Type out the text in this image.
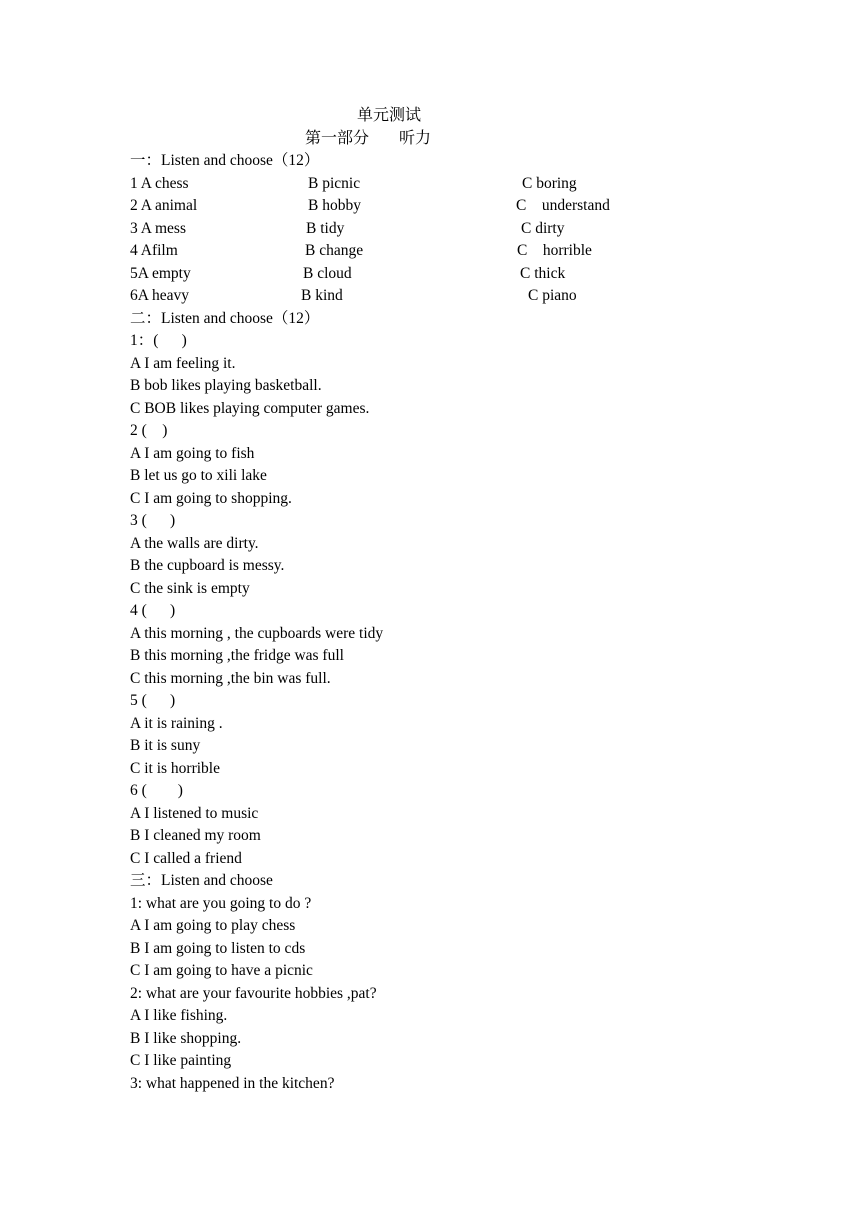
单元测试
第一部分 听力
一：Listen and choose（12）
1 A chess	B picnic	C boring
2 A animal	B hobby	C    understand
3 A mess	B tidy	C dirty
4 Afilm	B change	C    horrible
5A empty	B cloud	C thick
6A heavy	B kind	C piano
二：Listen and choose（12）
1：(      )
A I am feeling it.
B bob likes playing basketball.
C BOB likes playing computer games.
2 (    )
A I am going to fish
B let us go to xili lake
C I am going to shopping.
3 (      )
A the walls are dirty.
B the cupboard is messy.
C the sink is empty
4 (      )
A this morning , the cupboards were tidy
B this morning ,the fridge was full
C this morning ,the bin was full.
5 (      )
A it is raining .
B it is suny
C it is horrible
6 (        )
A I listened to music
B I cleaned my room
C I called a friend
三：Listen and choose
1: what are you going to do ?
A I am going to play chess
B I am going to listen to cds
C I am going to have a picnic
2: what are your favourite hobbies ,pat?
A I like fishing.
B I like shopping.
C I like painting
3: what happened in the kitchen?
